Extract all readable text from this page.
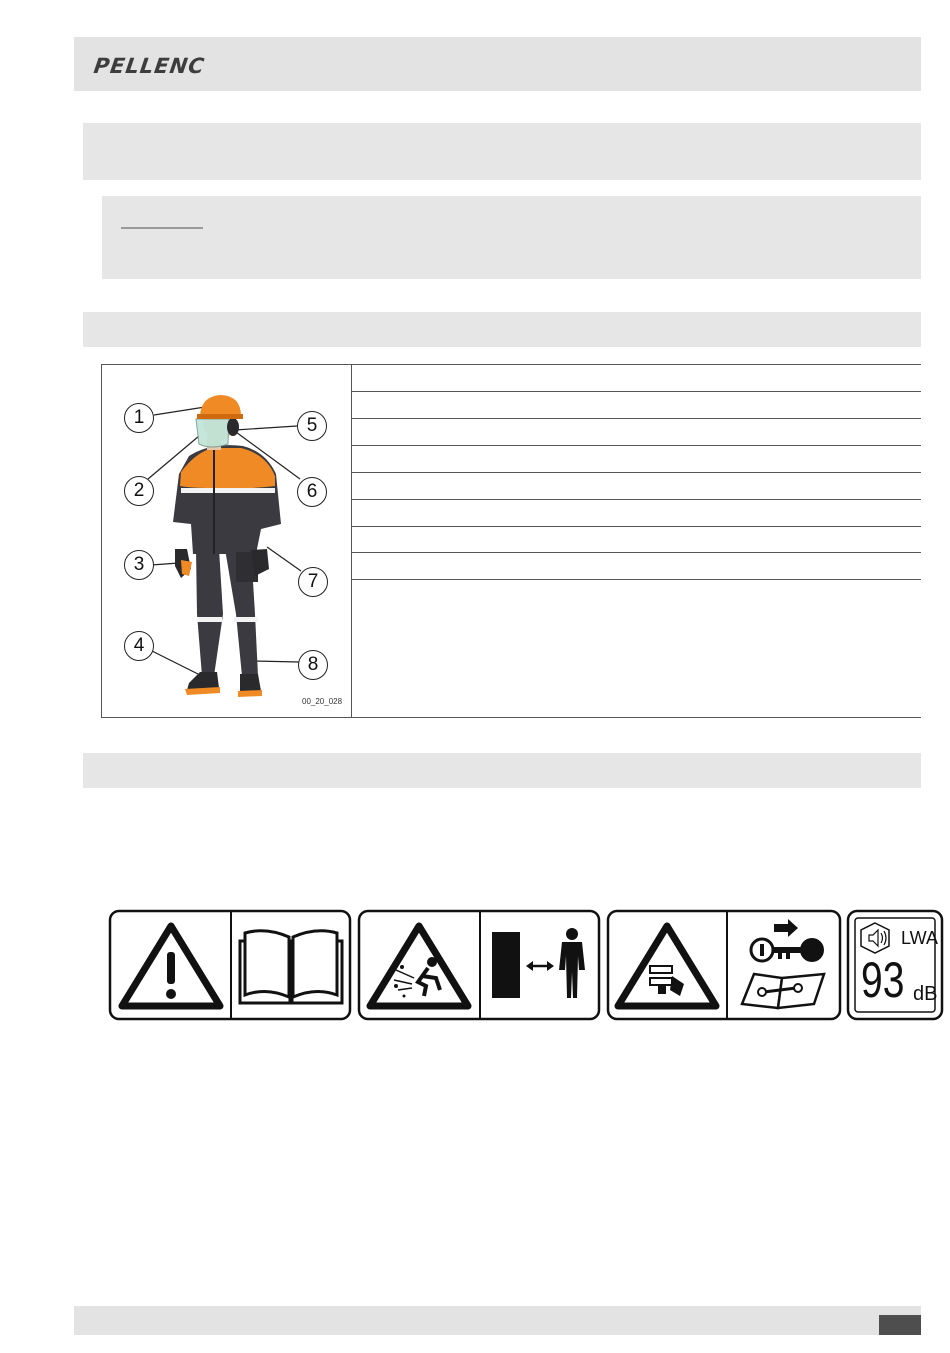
PELLENC
1
2
3
4
5
6
7
8
00_20_028
LWA
93 dB
